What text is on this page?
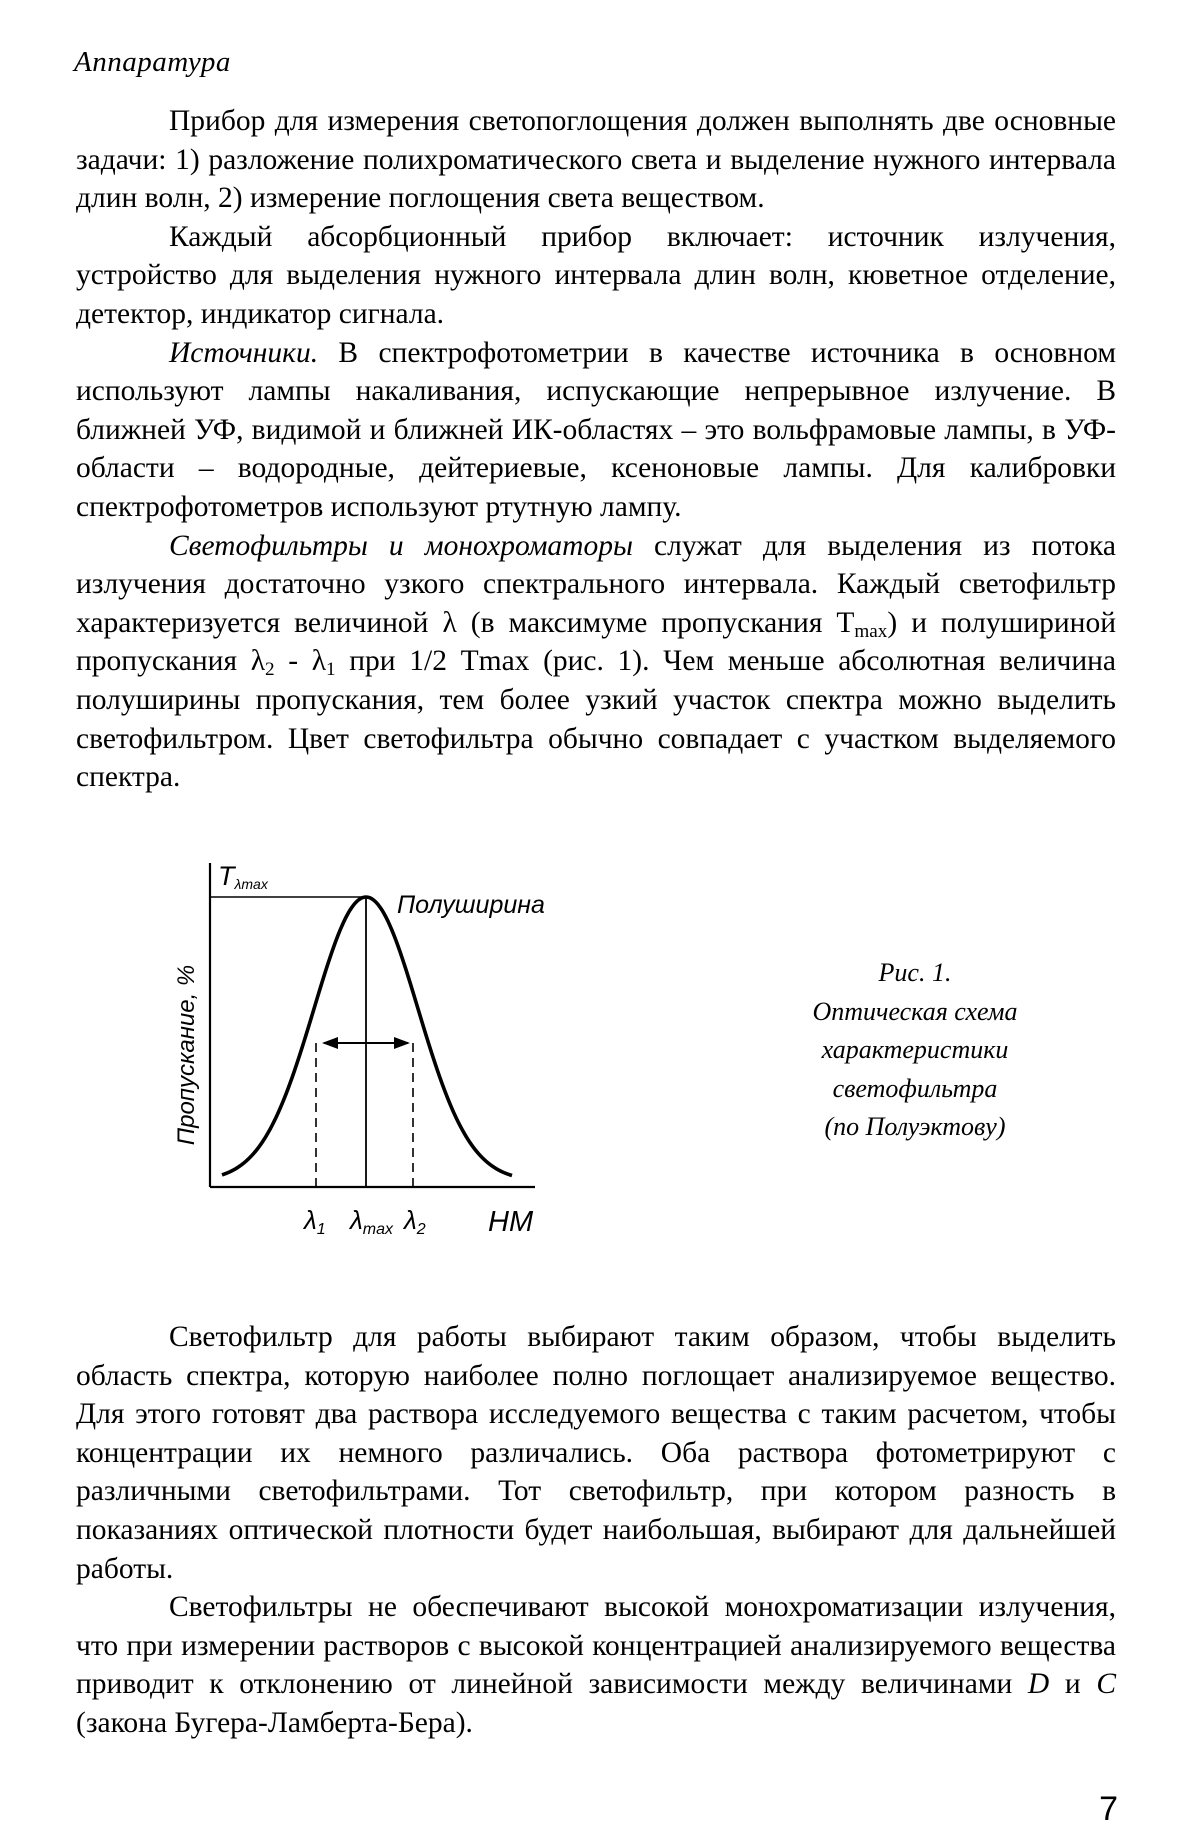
Аппаратура

Прибор для измерения светопоглощения должен выполнять две основные задачи: 1) разложение полихроматического света и выделение нужного интервала длин волн, 2) измерение поглощения света веществом.

Каждый абсорбционный прибор включает: источник излучения, устройство для выделения нужного интервала длин волн, кюветное отделение, детектор, индикатор сигнала.

Источники. В спектрофотометрии в качестве источника в основном используют лампы накаливания, испускающие непрерывное излучение. В ближней УФ, видимой и ближней ИК-областях – это вольфрамовые лампы, в УФ-области – водородные, дейтериевые, ксеноновые лампы. Для калибровки спектрофотометров используют ртутную лампу.

Светофильтры и монохроматоры служат для выделения из потока излучения достаточно узкого спектрального интервала. Каждый светофильтр характеризуется величиной λ (в максимуме пропускания $T_{max}$) и полушириной пропускания $\lambda_2 - \lambda_1$ при 1/2 Tmax (рис. 1). Чем меньше абсолютная величина полуширины пропускания, тем более узкий участок спектра можно выделить светофильтром. Цвет светофильтра обычно совпадает с участком выделяемого спектра.

Tλmax
Полуширина
Пропускание, %
λ1 λmax λ2 НМ
Рис. 1.
Оптическая схема
характеристики
светофильтра
(по Полуэктову)

Светофильтр для работы выбирают таким образом, чтобы выделить область спектра, которую наиболее полно поглощает анализируемое вещество. Для этого готовят два раствора исследуемого вещества с таким расчетом, чтобы концентрации их немного различались. Оба раствора фотометрируют с различными светофильтрами. Тот светофильтр, при котором разность в показаниях оптической плотности будет наибольшая, выбирают для дальнейшей работы.

Светофильтры не обеспечивают высокой монохроматизации излучения, что при измерении растворов с высокой концентрацией анализируемого вещества приводит к отклонению от линейной зависимости между величинами D и C (закона Бугера-Ламберта-Бера).

7
